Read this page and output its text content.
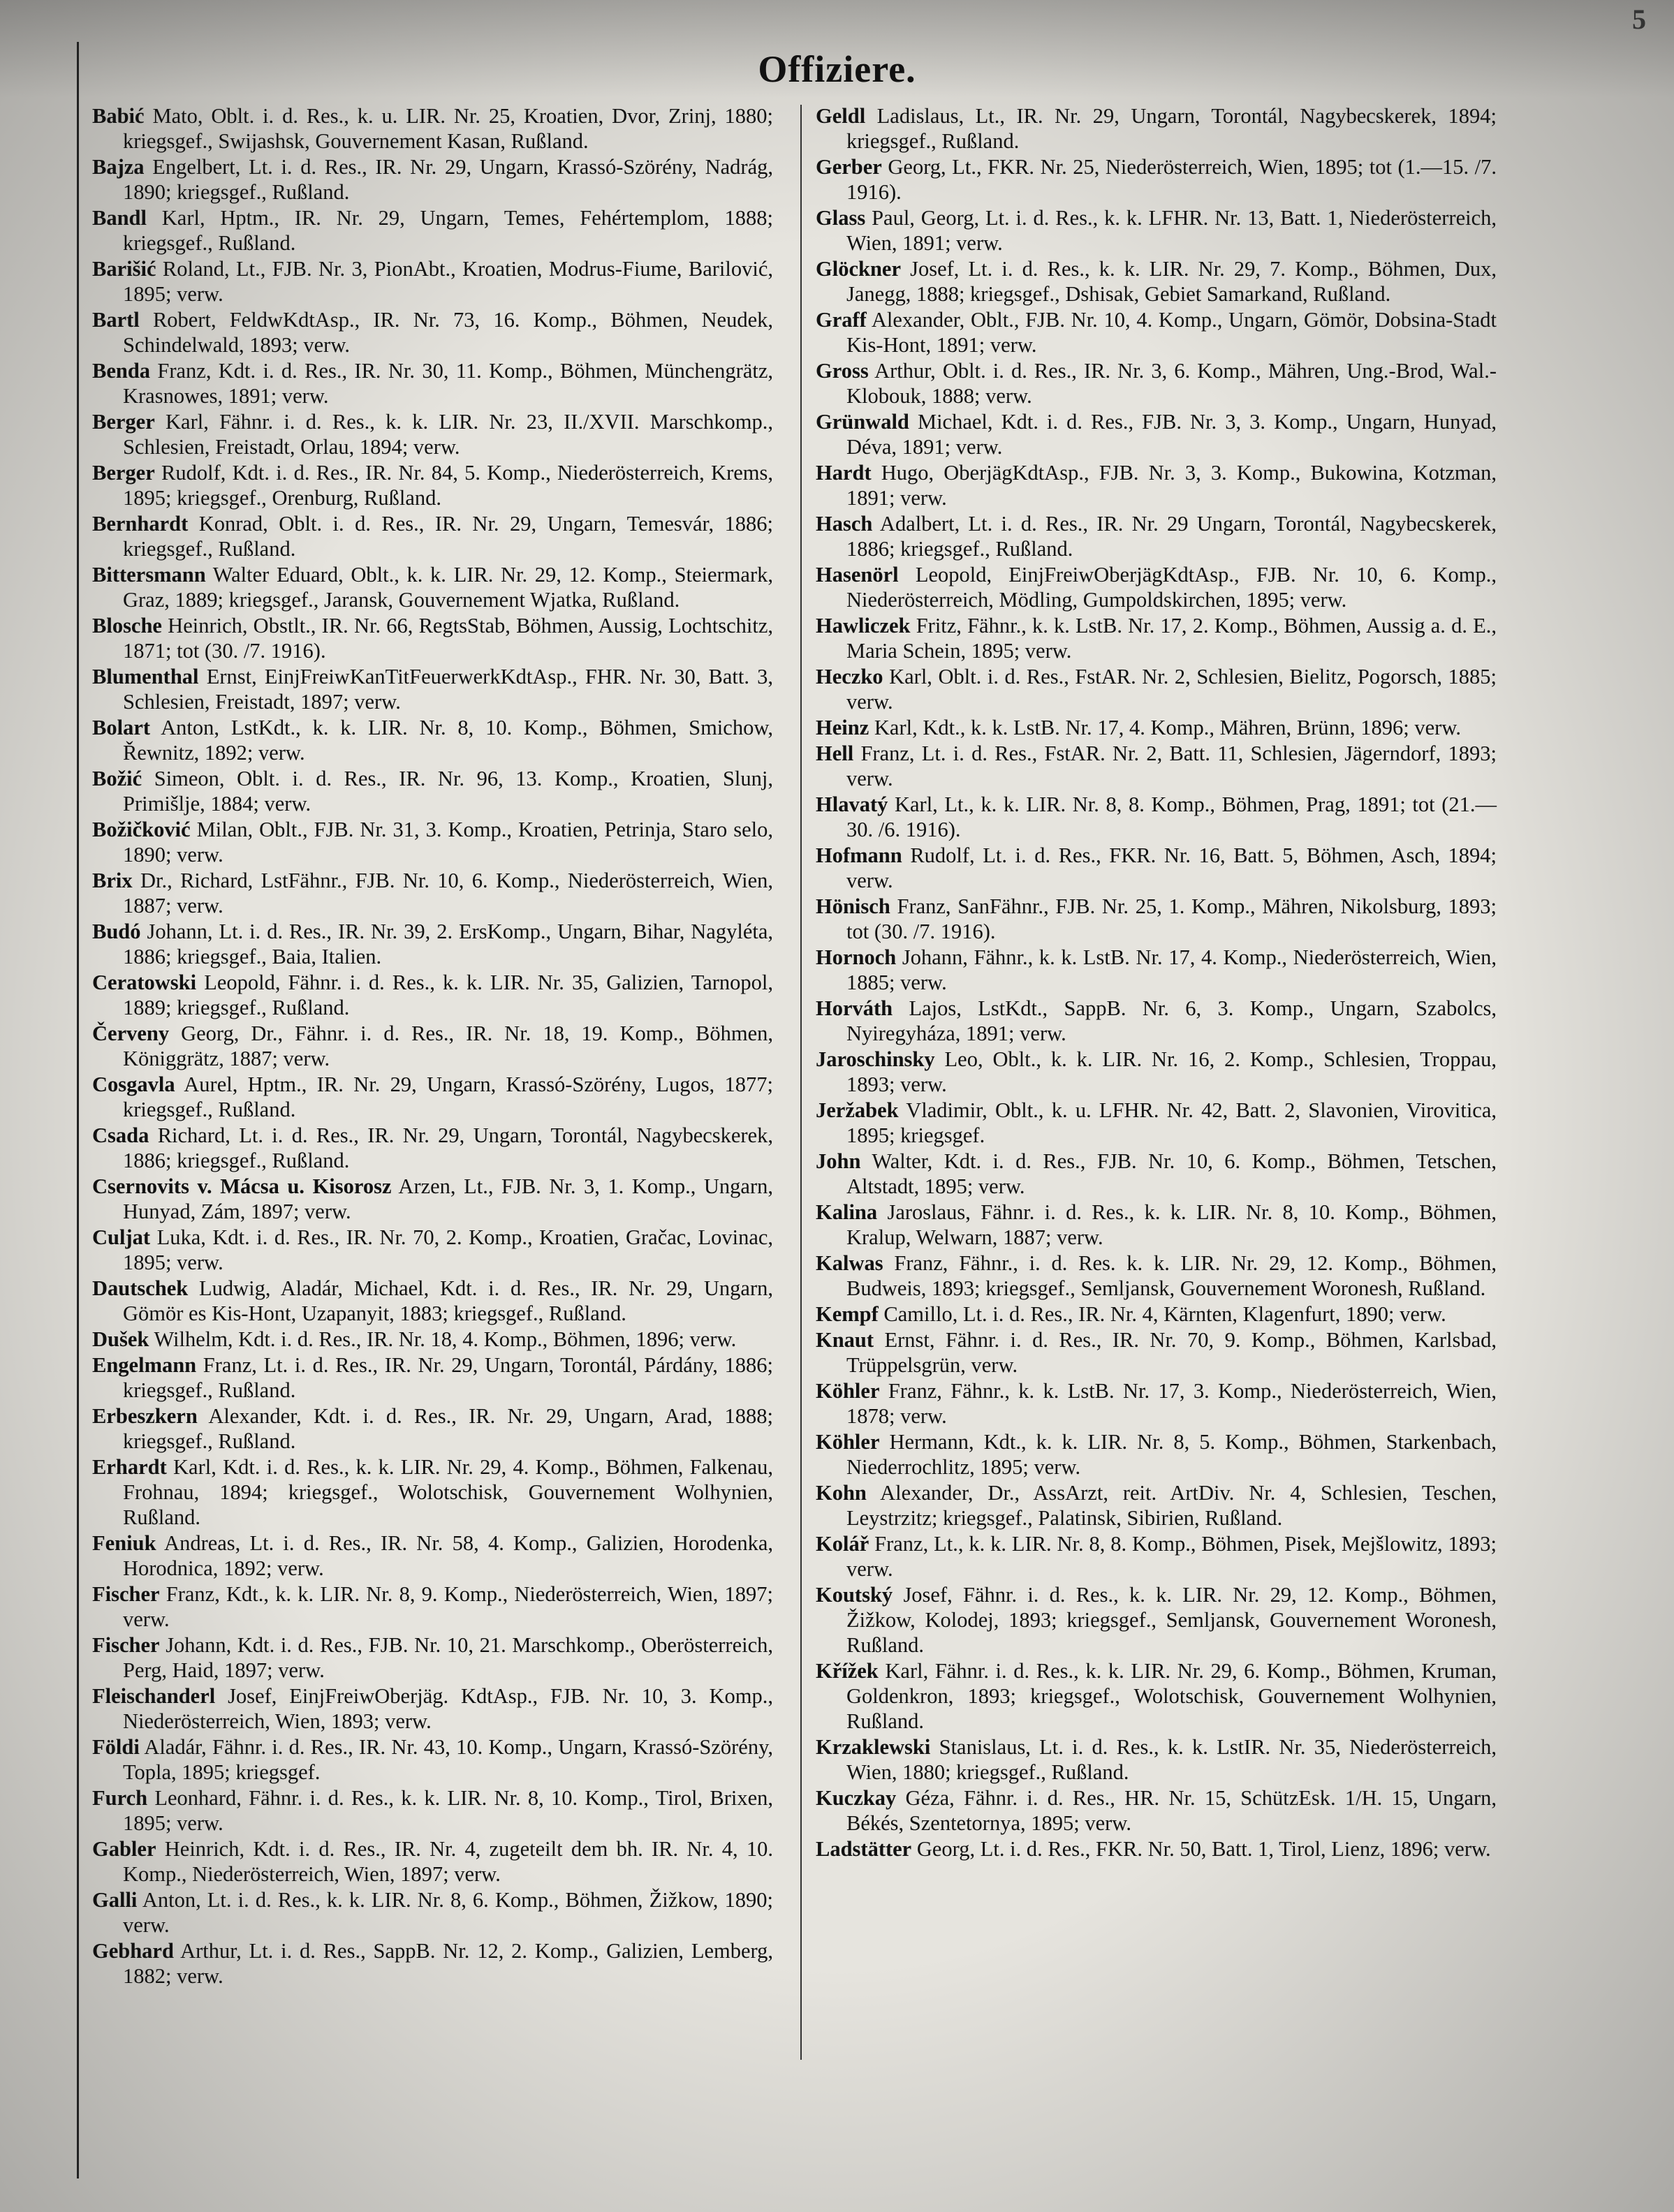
5
Offiziere.

Babić Mato, Oblt. i. d. Res., k. u. LIR. Nr. 25, Kroatien, Dvor, Zrinj, 1880; kriegsgef., Swijashsk, Gouvernement Kasan, Rußland.

Bajza Engelbert, Lt. i. d. Res., IR. Nr. 29, Ungarn, Krassó-Szörény, Nadrág, 1890; kriegsgef., Rußland.

Bandl Karl, Hptm., IR. Nr. 29, Ungarn, Temes, Fehértemplom, 1888; kriegsgef., Rußland.

Barišić Roland, Lt., FJB. Nr. 3, PionAbt., Kroatien, Modrus-Fiume, Barilović, 1895; verw.

Bartl Robert, FeldwKdtAsp., IR. Nr. 73, 16. Komp., Böhmen, Neudek, Schindelwald, 1893; verw.

Benda Franz, Kdt. i. d. Res., IR. Nr. 30, 11. Komp., Böhmen, Münchengrätz, Krasnowes, 1891; verw.

Berger Karl, Fähnr. i. d. Res., k. k. LIR. Nr. 23, II./XVII. Marschkomp., Schlesien, Freistadt, Orlau, 1894; verw.

Berger Rudolf, Kdt. i. d. Res., IR. Nr. 84, 5. Komp., Niederösterreich, Krems, 1895; kriegsgef., Orenburg, Rußland.

Bernhardt Konrad, Oblt. i. d. Res., IR. Nr. 29, Ungarn, Temesvár, 1886; kriegsgef., Rußland.

Bittersmann Walter Eduard, Oblt., k. k. LIR. Nr. 29, 12. Komp., Steiermark, Graz, 1889; kriegsgef., Jaransk, Gouvernement Wjatka, Rußland.

Blosche Heinrich, Obstlt., IR. Nr. 66, RegtsStab, Böhmen, Aussig, Lochtschitz, 1871; tot (30. /7. 1916).

Blumenthal Ernst, EinjFreiwKanTitFeuerwerkKdtAsp., FHR. Nr. 30, Batt. 3, Schlesien, Freistadt, 1897; verw.

Bolart Anton, LstKdt., k. k. LIR. Nr. 8, 10. Komp., Böhmen, Smichow, Řewnitz, 1892; verw.

Božić Simeon, Oblt. i. d. Res., IR. Nr. 96, 13. Komp., Kroatien, Slunj, Primišlje, 1884; verw.

Božičković Milan, Oblt., FJB. Nr. 31, 3. Komp., Kroatien, Petrinja, Staro selo, 1890; verw.

Brix Dr., Richard, LstFähnr., FJB. Nr. 10, 6. Komp., Niederösterreich, Wien, 1887; verw.

Budó Johann, Lt. i. d. Res., IR. Nr. 39, 2. ErsKomp., Ungarn, Bihar, Nagyléta, 1886; kriegsgef., Baia, Italien.

Ceratowski Leopold, Fähnr. i. d. Res., k. k. LIR. Nr. 35, Galizien, Tarnopol, 1889; kriegsgef., Rußland.

Červeny Georg, Dr., Fähnr. i. d. Res., IR. Nr. 18, 19. Komp., Böhmen, Königgrätz, 1887; verw.

Cosgavla Aurel, Hptm., IR. Nr. 29, Ungarn, Krassó-Szörény, Lugos, 1877; kriegsgef., Rußland.

Csada Richard, Lt. i. d. Res., IR. Nr. 29, Ungarn, Torontál, Nagybecskerek, 1886; kriegsgef., Rußland.

Csernovits v. Mácsa u. Kisorosz Arzen, Lt., FJB. Nr. 3, 1. Komp., Ungarn, Hunyad, Zám, 1897; verw.

Culjat Luka, Kdt. i. d. Res., IR. Nr. 70, 2. Komp., Kroatien, Gračac, Lovinac, 1895; verw.

Dautschek Ludwig, Aladár, Michael, Kdt. i. d. Res., IR. Nr. 29, Ungarn, Gömör es Kis-Hont, Uzapanyit, 1883; kriegsgef., Rußland.

Dušek Wilhelm, Kdt. i. d. Res., IR. Nr. 18, 4. Komp., Böhmen, 1896; verw.

Engelmann Franz, Lt. i. d. Res., IR. Nr. 29, Ungarn, Torontál, Párdány, 1886; kriegsgef., Rußland.

Erbeszkern Alexander, Kdt. i. d. Res., IR. Nr. 29, Ungarn, Arad, 1888; kriegsgef., Rußland.

Erhardt Karl, Kdt. i. d. Res., k. k. LIR. Nr. 29, 4. Komp., Böhmen, Falkenau, Frohnau, 1894; kriegsgef., Wolotschisk, Gouvernement Wolhynien, Rußland.

Feniuk Andreas, Lt. i. d. Res., IR. Nr. 58, 4. Komp., Galizien, Horodenka, Horodnica, 1892; verw.

Fischer Franz, Kdt., k. k. LIR. Nr. 8, 9. Komp., Niederösterreich, Wien, 1897; verw.

Fischer Johann, Kdt. i. d. Res., FJB. Nr. 10, 21. Marschkomp., Oberösterreich, Perg, Haid, 1897; verw.

Fleischanderl Josef, EinjFreiwOberjäg. KdtAsp., FJB. Nr. 10, 3. Komp., Niederösterreich, Wien, 1893; verw.

Földi Aladár, Fähnr. i. d. Res., IR. Nr. 43, 10. Komp., Ungarn, Krassó-Szörény, Topla, 1895; kriegsgef.

Furch Leonhard, Fähnr. i. d. Res., k. k. LIR. Nr. 8, 10. Komp., Tirol, Brixen, 1895; verw.

Gabler Heinrich, Kdt. i. d. Res., IR. Nr. 4, zugeteilt dem bh. IR. Nr. 4, 10. Komp., Niederösterreich, Wien, 1897; verw.

Galli Anton, Lt. i. d. Res., k. k. LIR. Nr. 8, 6. Komp., Böhmen, Žižkow, 1890; verw.

Gebhard Arthur, Lt. i. d. Res., SappB. Nr. 12, 2. Komp., Galizien, Lemberg, 1882; verw.

Geldl Ladislaus, Lt., IR. Nr. 29, Ungarn, Torontál, Nagybecskerek, 1894; kriegsgef., Rußland.

Gerber Georg, Lt., FKR. Nr. 25, Niederösterreich, Wien, 1895; tot (1.—15. /7. 1916).

Glass Paul, Georg, Lt. i. d. Res., k. k. LFHR. Nr. 13, Batt. 1, Niederösterreich, Wien, 1891; verw.

Glöckner Josef, Lt. i. d. Res., k. k. LIR. Nr. 29, 7. Komp., Böhmen, Dux, Janegg, 1888; kriegsgef., Dshisak, Gebiet Samarkand, Rußland.

Graff Alexander, Oblt., FJB. Nr. 10, 4. Komp., Ungarn, Gömör, Dobsina-Stadt Kis-Hont, 1891; verw.

Gross Arthur, Oblt. i. d. Res., IR. Nr. 3, 6. Komp., Mähren, Ung.-Brod, Wal.-Klobouk, 1888; verw.

Grünwald Michael, Kdt. i. d. Res., FJB. Nr. 3, 3. Komp., Ungarn, Hunyad, Déva, 1891; verw.

Hardt Hugo, OberjägKdtAsp., FJB. Nr. 3, 3. Komp., Bukowina, Kotzman, 1891; verw.

Hasch Adalbert, Lt. i. d. Res., IR. Nr. 29 Ungarn, Torontál, Nagybecskerek, 1886; kriegsgef., Rußland.

Hasenörl Leopold, EinjFreiwOberjägKdtAsp., FJB. Nr. 10, 6. Komp., Niederösterreich, Mödling, Gumpoldskirchen, 1895; verw.

Hawliczek Fritz, Fähnr., k. k. LstB. Nr. 17, 2. Komp., Böhmen, Aussig a. d. E., Maria Schein, 1895; verw.

Heczko Karl, Oblt. i. d. Res., FstAR. Nr. 2, Schlesien, Bielitz, Pogorsch, 1885; verw.

Heinz Karl, Kdt., k. k. LstB. Nr. 17, 4. Komp., Mähren, Brünn, 1896; verw.

Hell Franz, Lt. i. d. Res., FstAR. Nr. 2, Batt. 11, Schlesien, Jägerndorf, 1893; verw.

Hlavatý Karl, Lt., k. k. LIR. Nr. 8, 8. Komp., Böhmen, Prag, 1891; tot (21.—30. /6. 1916).

Hofmann Rudolf, Lt. i. d. Res., FKR. Nr. 16, Batt. 5, Böhmen, Asch, 1894; verw.

Hönisch Franz, SanFähnr., FJB. Nr. 25, 1. Komp., Mähren, Nikolsburg, 1893; tot (30. /7. 1916).

Hornoch Johann, Fähnr., k. k. LstB. Nr. 17, 4. Komp., Niederösterreich, Wien, 1885; verw.

Horváth Lajos, LstKdt., SappB. Nr. 6, 3. Komp., Ungarn, Szabolcs, Nyiregyháza, 1891; verw.

Jaroschinsky Leo, Oblt., k. k. LIR. Nr. 16, 2. Komp., Schlesien, Troppau, 1893; verw.

Jeržabek Vladimir, Oblt., k. u. LFHR. Nr. 42, Batt. 2, Slavonien, Virovitica, 1895; kriegsgef.

John Walter, Kdt. i. d. Res., FJB. Nr. 10, 6. Komp., Böhmen, Tetschen, Altstadt, 1895; verw.

Kalina Jaroslaus, Fähnr. i. d. Res., k. k. LIR. Nr. 8, 10. Komp., Böhmen, Kralup, Welwarn, 1887; verw.

Kalwas Franz, Fähnr., i. d. Res. k. k. LIR. Nr. 29, 12. Komp., Böhmen, Budweis, 1893; kriegsgef., Semljansk, Gouvernement Woronesh, Rußland.

Kempf Camillo, Lt. i. d. Res., IR. Nr. 4, Kärnten, Klagenfurt, 1890; verw.

Knaut Ernst, Fähnr. i. d. Res., IR. Nr. 70, 9. Komp., Böhmen, Karlsbad, Trüppelsgrün, verw.

Köhler Franz, Fähnr., k. k. LstB. Nr. 17, 3. Komp., Niederösterreich, Wien, 1878; verw.

Köhler Hermann, Kdt., k. k. LIR. Nr. 8, 5. Komp., Böhmen, Starkenbach, Niederrochlitz, 1895; verw.

Kohn Alexander, Dr., AssArzt, reit. ArtDiv. Nr. 4, Schlesien, Teschen, Leystrzitz; kriegsgef., Palatinsk, Sibirien, Rußland.

Kolář Franz, Lt., k. k. LIR. Nr. 8, 8. Komp., Böhmen, Pisek, Mejšlowitz, 1893; verw.

Koutský Josef, Fähnr. i. d. Res., k. k. LIR. Nr. 29, 12. Komp., Böhmen, Žižkow, Kolodej, 1893; kriegsgef., Semljansk, Gouvernement Woronesh, Rußland.

Křížek Karl, Fähnr. i. d. Res., k. k. LIR. Nr. 29, 6. Komp., Böhmen, Kruman, Goldenkron, 1893; kriegsgef., Wolotschisk, Gouvernement Wolhynien, Rußland.

Krzaklewski Stanislaus, Lt. i. d. Res., k. k. LstIR. Nr. 35, Niederösterreich, Wien, 1880; kriegsgef., Rußland.

Kuczkay Géza, Fähnr. i. d. Res., HR. Nr. 15, SchützEsk. 1/H. 15, Ungarn, Békés, Szentetornya, 1895; verw.

Ladstätter Georg, Lt. i. d. Res., FKR. Nr. 50, Batt. 1, Tirol, Lienz, 1896; verw.
